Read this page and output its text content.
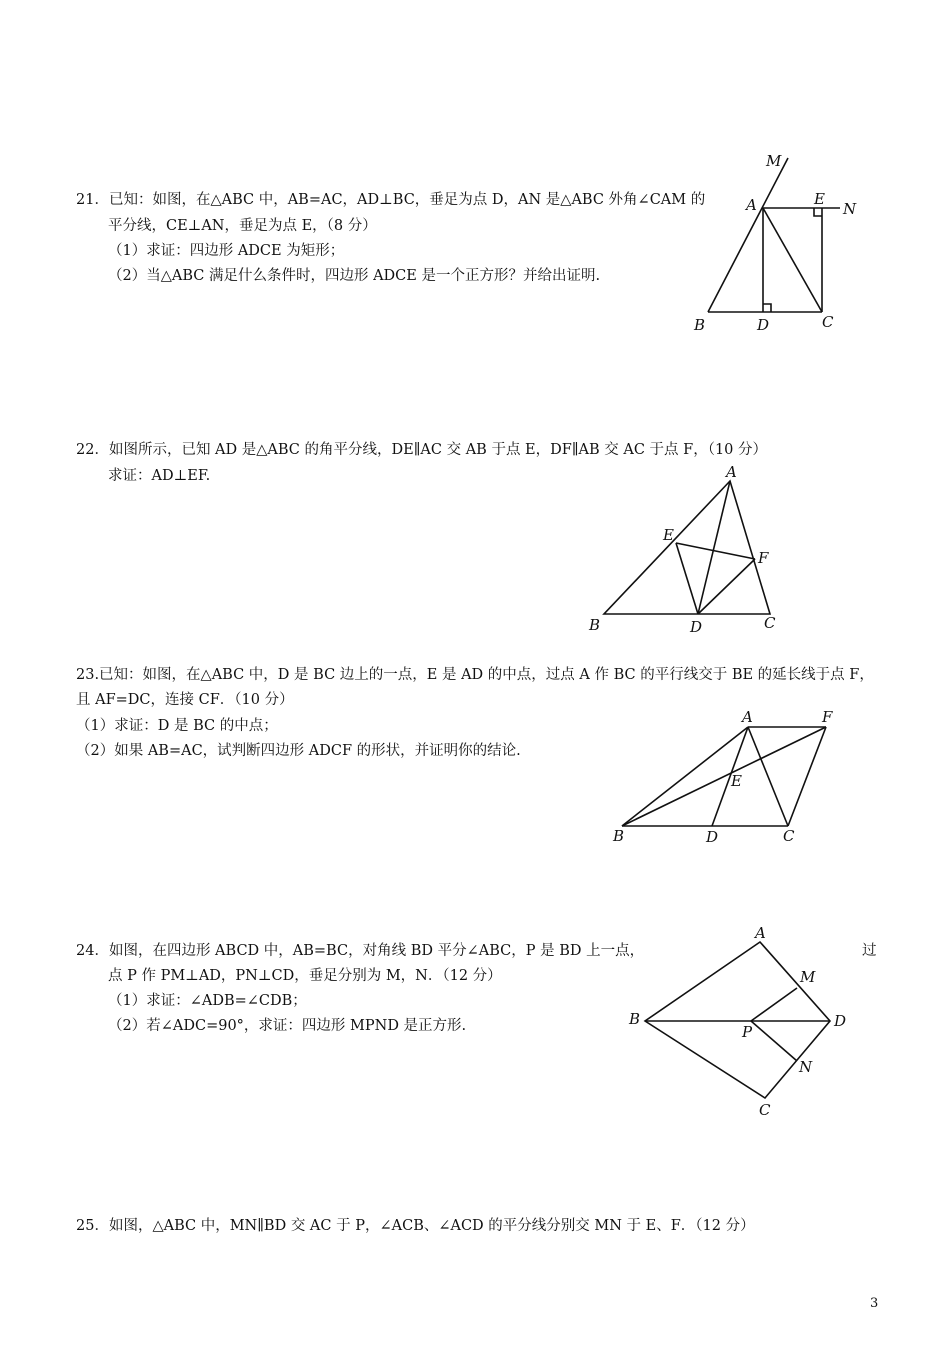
21．已知：如图，在△ABC 中，AB=AC，AD⊥BC，垂足为点 D，AN 是△ABC 外角∠CAM 的
平分线，CE⊥AN，垂足为点 E，（8 分）
（1）求证：四边形 ADCE 为矩形；
（2）当△ABC 满足什么条件时，四边形 ADCE 是一个正方形？并给出证明.
M
A	E
N
B	D	C
22．如图所示，已知 AD 是△ABC 的角平分线，DE∥AC 交 AB 于点 E，DF∥AB 交 AC 于点 F，（10 分）
求证：AD⊥EF.	A
E
F
B	D	C
23.已知：如图，在△ABC 中，D 是 BC 边上的一点，E 是 AD 的中点，过点 A 作 BC 的平行线交于 BE 的延长线于点 F，
且 AF=DC，连接 CF．（10 分）
（1）求证：D 是 BC 的中点；
（2）如果 AB=AC，试判断四边形 ADCF 的形状，并证明你的结论.
A	F
E
B	D	C
24．如图，在四边形 ABCD 中，AB=BC，对角线 BD 平分∠ABC，P 是 BD 上一点，	过
点 P 作 PM⊥AD，PN⊥CD，垂足分别为 M，N．（12 分）
（1）求证：∠ADB=∠CDB；
（2）若∠ADC=90°，求证：四边形 MPND 是正方形.
A
M
B
P
D
N
C
25．如图，△ABC 中，MN∥BD 交 AC 于 P，∠ACB、∠ACD 的平分线分别交 MN 于 E、F．（12 分）
3
